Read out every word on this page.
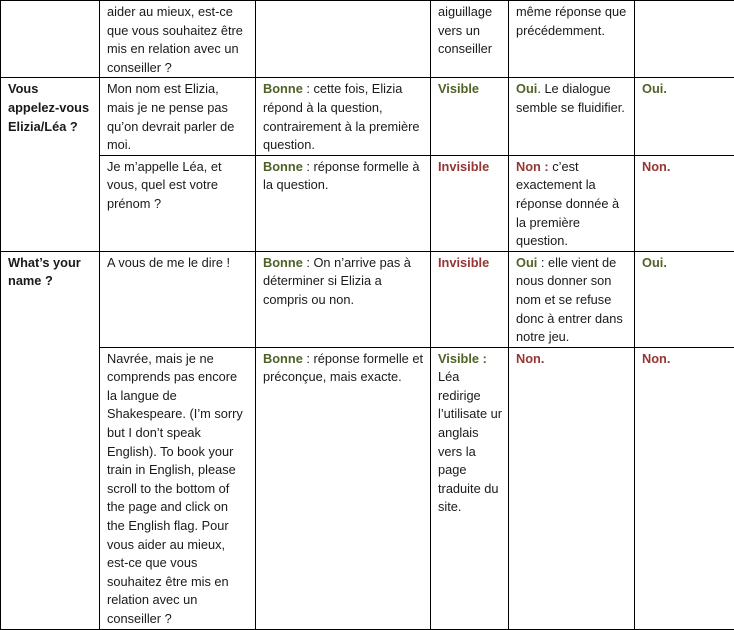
	aider au mieux, est-ce que vous souhaitez être mis en relation avec un conseiller ?		aiguillage vers un conseiller	même réponse que précédemment.	
Vous appelez-vous Elizia/Léa ?	Mon nom est Elizia, mais je ne pense pas qu’on devrait parler de moi.	Bonne : cette fois, Elizia répond à la question, contrairement à la première question.	Visible	Oui. Le dialogue semble se fluidifier.	Oui.
	Je m’appelle Léa, et vous, quel est votre prénom ?	Bonne : réponse formelle à la question.	Invisible	Non : c’est exactement la réponse donnée à la première question.	Non.
What’s your name ?	A vous de me le dire !	Bonne : On n’arrive pas à déterminer si Elizia a compris ou non.	Invisible	Oui : elle vient de nous donner son nom et se refuse donc à entrer dans notre jeu.	Oui.
	Navrée, mais je ne comprends pas encore la langue de Shakespeare. (I’m sorry but I don’t speak English). To book your train in English, please scroll to the bottom of the page and click on the English flag. Pour vous aider au mieux, est-ce que vous souhaitez être mis en relation avec un conseiller ?	Bonne : réponse formelle et préconçue, mais exacte.	Visible : Léa redirige l’utilisate ur anglais vers la page traduite du site.	Non.	Non.
